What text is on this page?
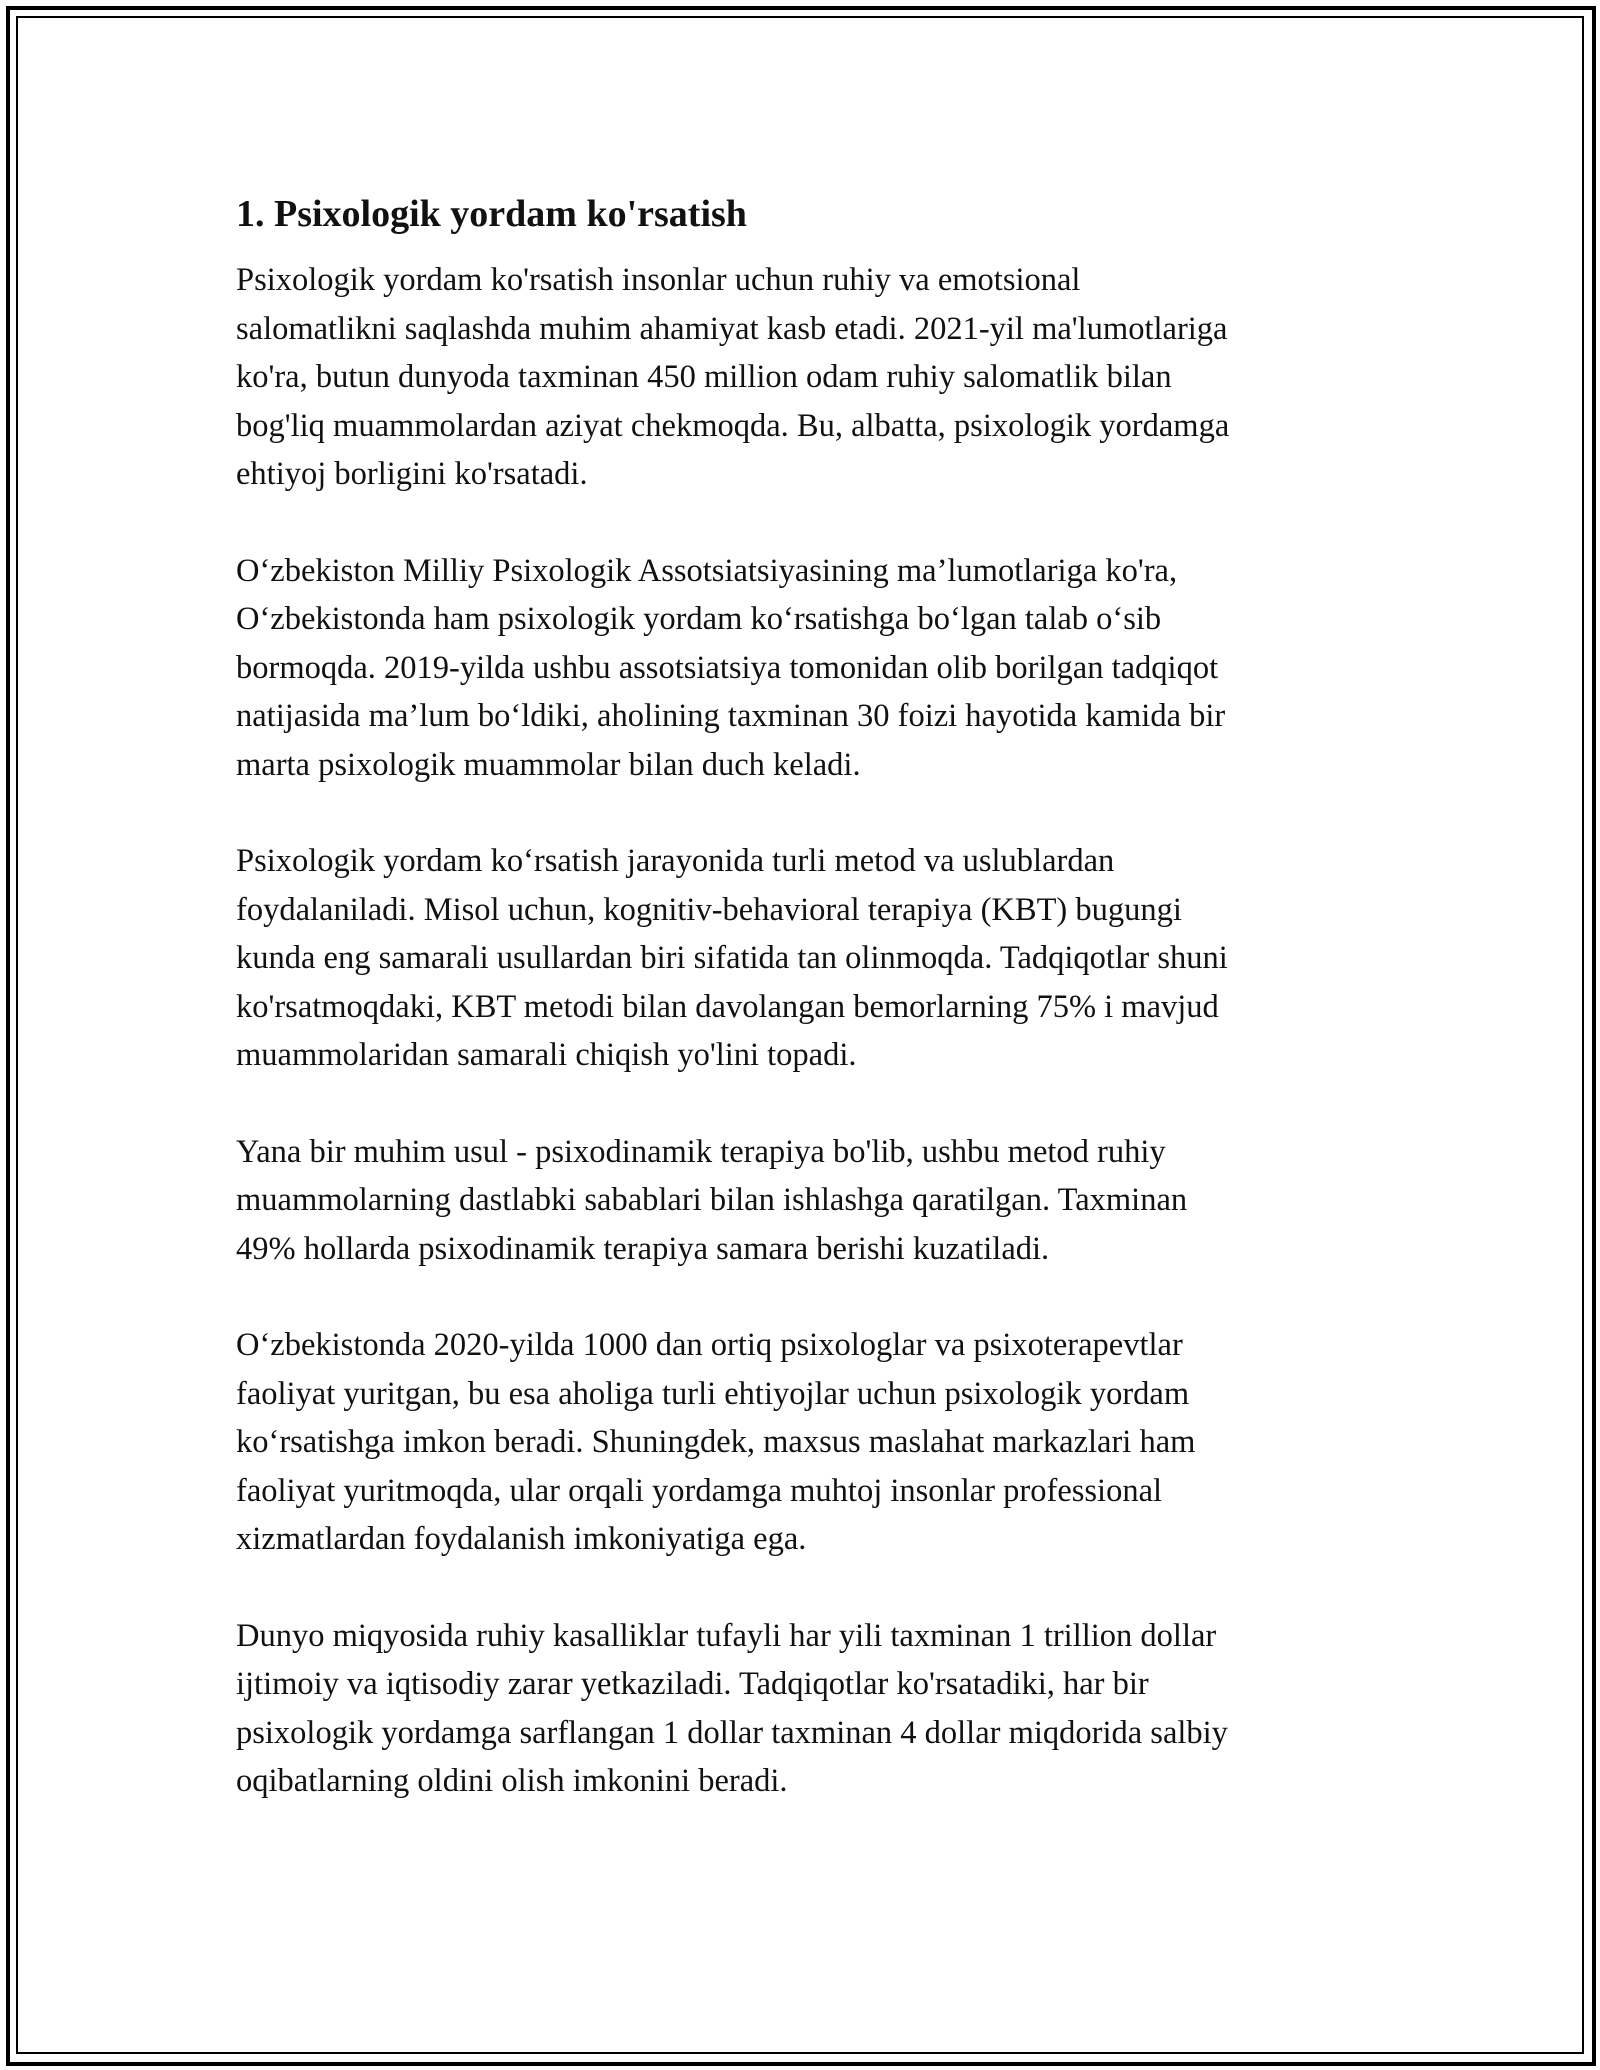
1. Psixologik yordam ko'rsatish

Psixologik yordam ko'rsatish insonlar uchun ruhiy va emotsional
salomatlikni saqlashda muhim ahamiyat kasb etadi. 2021-yil ma'lumotlariga
ko'ra, butun dunyoda taxminan 450 million odam ruhiy salomatlik bilan
bog'liq muammolardan aziyat chekmoqda. Bu, albatta, psixologik yordamga
ehtiyoj borligini ko'rsatadi.

O‘zbekiston Milliy Psixologik Assotsiatsiyasining ma’lumotlariga ko'ra,
O‘zbekistonda ham psixologik yordam ko‘rsatishga bo‘lgan talab o‘sib
bormoqda. 2019-yilda ushbu assotsiatsiya tomonidan olib borilgan tadqiqot
natijasida ma’lum bo‘ldiki, aholining taxminan 30 foizi hayotida kamida bir
marta psixologik muammolar bilan duch keladi.

Psixologik yordam ko‘rsatish jarayonida turli metod va uslublardan
foydalaniladi. Misol uchun, kognitiv-behavioral terapiya (KBT) bugungi
kunda eng samarali usullardan biri sifatida tan olinmoqda. Tadqiqotlar shuni
ko'rsatmoqdaki, KBT metodi bilan davolangan bemorlarning 75% i mavjud
muammolaridan samarali chiqish yo'lini topadi.

Yana bir muhim usul - psixodinamik terapiya bo'lib, ushbu metod ruhiy
muammolarning dastlabki sabablari bilan ishlashga qaratilgan. Taxminan
49% hollarda psixodinamik terapiya samara berishi kuzatiladi.

O‘zbekistonda 2020-yilda 1000 dan ortiq psixologlar va psixoterapevtlar
faoliyat yuritgan, bu esa aholiga turli ehtiyojlar uchun psixologik yordam
ko‘rsatishga imkon beradi. Shuningdek, maxsus maslahat markazlari ham
faoliyat yuritmoqda, ular orqali yordamga muhtoj insonlar professional
xizmatlardan foydalanish imkoniyatiga ega.

Dunyo miqyosida ruhiy kasalliklar tufayli har yili taxminan 1 trillion dollar
ijtimoiy va iqtisodiy zarar yetkaziladi. Tadqiqotlar ko'rsatadiki, har bir
psixologik yordamga sarflangan 1 dollar taxminan 4 dollar miqdorida salbiy
oqibatlarning oldini olish imkonini beradi.
